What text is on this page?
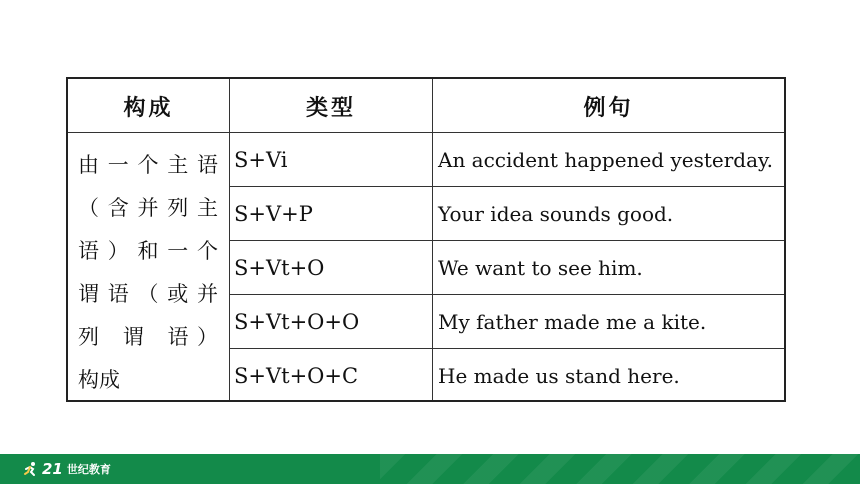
构成	类型	例句
由一个主语
（含并列主
语）和一个
谓语（或并
列 谓 语）
构成
S+Vi	An accident happened yesterday.
S+V+P	Your idea sounds good.
S+Vt+O	We want to see him.
S+Vt+O+O	My father made me a kite.
S+Vt+O+C	He made us stand here.
21 世纪教育
